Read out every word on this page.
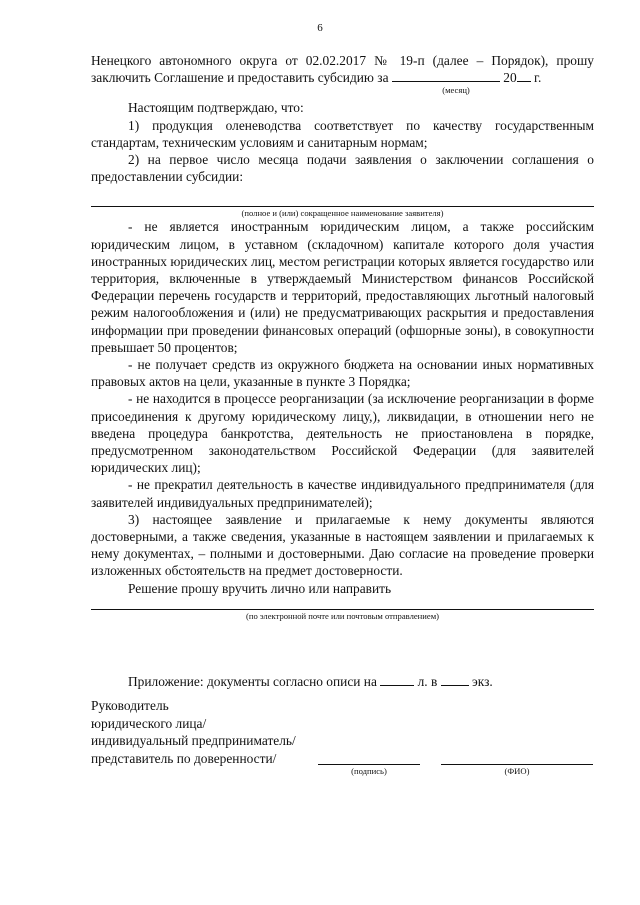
6

Ненецкого автономного округа от 02.02.2017 № 19-п (далее – Порядок), прошу

заключить Соглашение и предоставить субсидию за	20 г.

(месяц)

Настоящим подтверждаю, что:

1) продукция оленеводства соответствует по качеству государственным стандартам, техническим условиям и санитарным нормам;

2) на первое число месяца подачи заявления о заключении соглашения о предоставлении субсидии:

(полное и (или) сокращенное наименование заявителя)

- не является иностранным юридическим лицом, а также российским юридическим лицом, в уставном (складочном) капитале которого доля участия иностранных юридических лиц, местом регистрации которых является государство или территория, включенные в утверждаемый Министерством финансов Российской Федерации перечень государств и территорий, предоставляющих льготный налоговый режим налогообложения и (или) не предусматривающих раскрытия и предоставления информации при проведении финансовых операций (офшорные зоны), в совокупности превышает 50 процентов;

- не получает средств из окружного бюджета на основании иных нормативных правовых актов на цели, указанные в пункте 3 Порядка;

- не находится в процессе реорганизации (за исключение реорганизации в форме присоединения к другому юридическому лицу,), ликвидации, в отношении него не введена процедура банкротства, деятельность не приостановлена в порядке, предусмотренном законодательством Российской Федерации (для заявителей юридических лиц);

- не прекратил деятельность в качестве индивидуального предпринимателя (для заявителей индивидуальных предпринимателей);

3) настоящее заявление и прилагаемые к нему документы являются достоверными, а также сведения, указанные в настоящем заявлении и прилагаемых к нему документах, – полными и достоверными. Даю согласие на проведение проверки изложенных обстоятельств на предмет достоверности.

Решение прошу вручить лично или направить

(по электронной почте или почтовым отправлением)

Приложение: документы согласно описи на	л. в	экз.

Руководитель
юридического лица/
индивидуальный предприниматель/
представитель по доверенности/
(подпись)	(ФИО)
